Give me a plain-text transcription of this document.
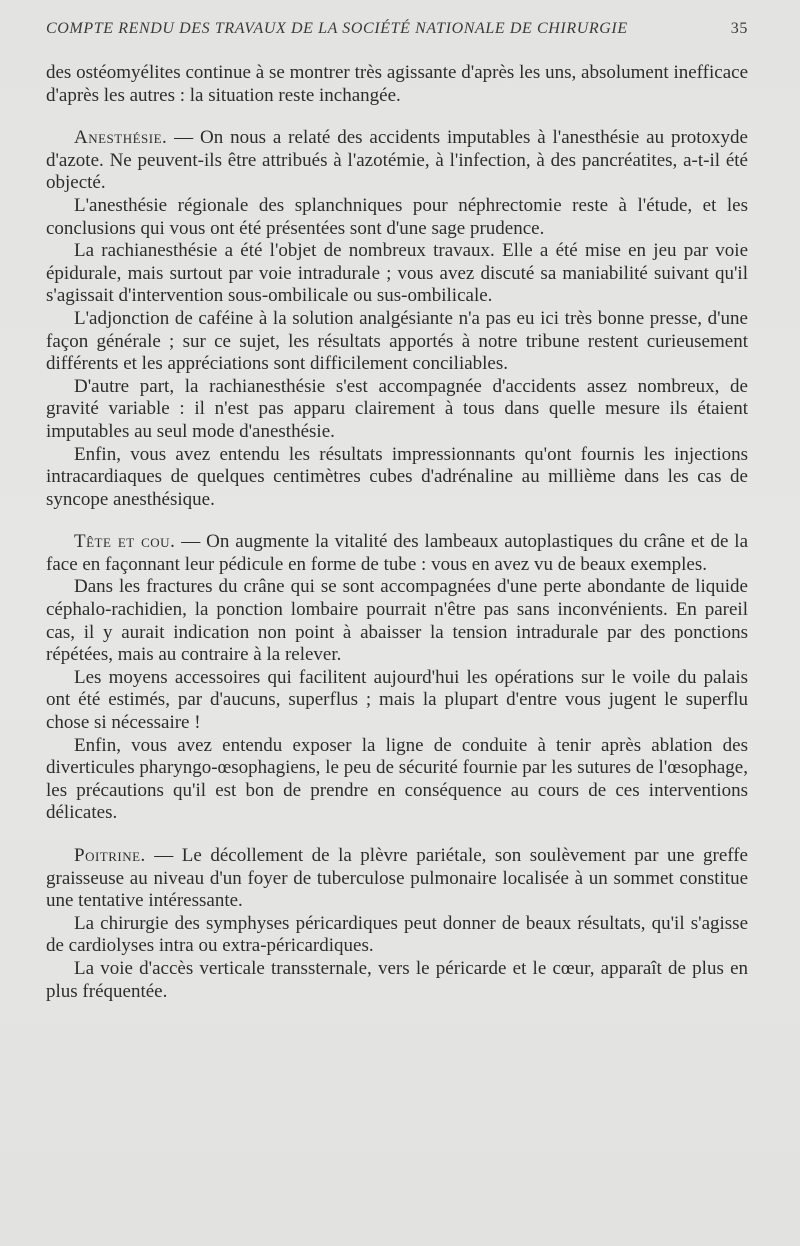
COMPTE RENDU DES TRAVAUX DE LA SOCIÉTÉ NATIONALE DE CHIRURGIE	35

des ostéomyélites continue à se montrer très agissante d'après les uns, absolument inefficace d'après les autres : la situation reste inchangée.

Anesthésie. — On nous a relaté des accidents imputables à l'anesthésie au protoxyde d'azote. Ne peuvent-ils être attribués à l'azotémie, à l'infection, à des pancréatites, a-t-il été objecté.

L'anesthésie régionale des splanchniques pour néphrectomie reste à l'étude, et les conclusions qui vous ont été présentées sont d'une sage prudence.

La rachianesthésie a été l'objet de nombreux travaux. Elle a été mise en jeu par voie épidurale, mais surtout par voie intradurale ; vous avez discuté sa maniabilité suivant qu'il s'agissait d'intervention sous-ombilicale ou sus-ombilicale.

L'adjonction de caféine à la solution analgésiante n'a pas eu ici très bonne presse, d'une façon générale ; sur ce sujet, les résultats apportés à notre tribune restent curieusement différents et les appréciations sont difficilement conciliables.

D'autre part, la rachianesthésie s'est accompagnée d'accidents assez nombreux, de gravité variable : il n'est pas apparu clairement à tous dans quelle mesure ils étaient imputables au seul mode d'anesthésie.

Enfin, vous avez entendu les résultats impressionnants qu'ont fournis les injections intracardiaques de quelques centimètres cubes d'adrénaline au millième dans les cas de syncope anesthésique.

Tête et cou. — On augmente la vitalité des lambeaux autoplastiques du crâne et de la face en façonnant leur pédicule en forme de tube : vous en avez vu de beaux exemples.

Dans les fractures du crâne qui se sont accompagnées d'une perte abondante de liquide céphalo-rachidien, la ponction lombaire pourrait n'être pas sans inconvénients. En pareil cas, il y aurait indication non point à abaisser la tension intradurale par des ponctions répétées, mais au contraire à la relever.

Les moyens accessoires qui facilitent aujourd'hui les opérations sur le voile du palais ont été estimés, par d'aucuns, superflus ; mais la plupart d'entre vous jugent le superflu chose si nécessaire !

Enfin, vous avez entendu exposer la ligne de conduite à tenir après ablation des diverticules pharyngo-œsophagiens, le peu de sécurité fournie par les sutures de l'œsophage, les précautions qu'il est bon de prendre en conséquence au cours de ces interventions délicates.

Poitrine. — Le décollement de la plèvre pariétale, son soulèvement par une greffe graisseuse au niveau d'un foyer de tuberculose pulmonaire localisée à un sommet constitue une tentative intéressante.

La chirurgie des symphyses péricardiques peut donner de beaux résultats, qu'il s'agisse de cardiolyses intra ou extra-péricardiques.

La voie d'accès verticale transsternale, vers le péricarde et le cœur, apparaît de plus en plus fréquentée.
